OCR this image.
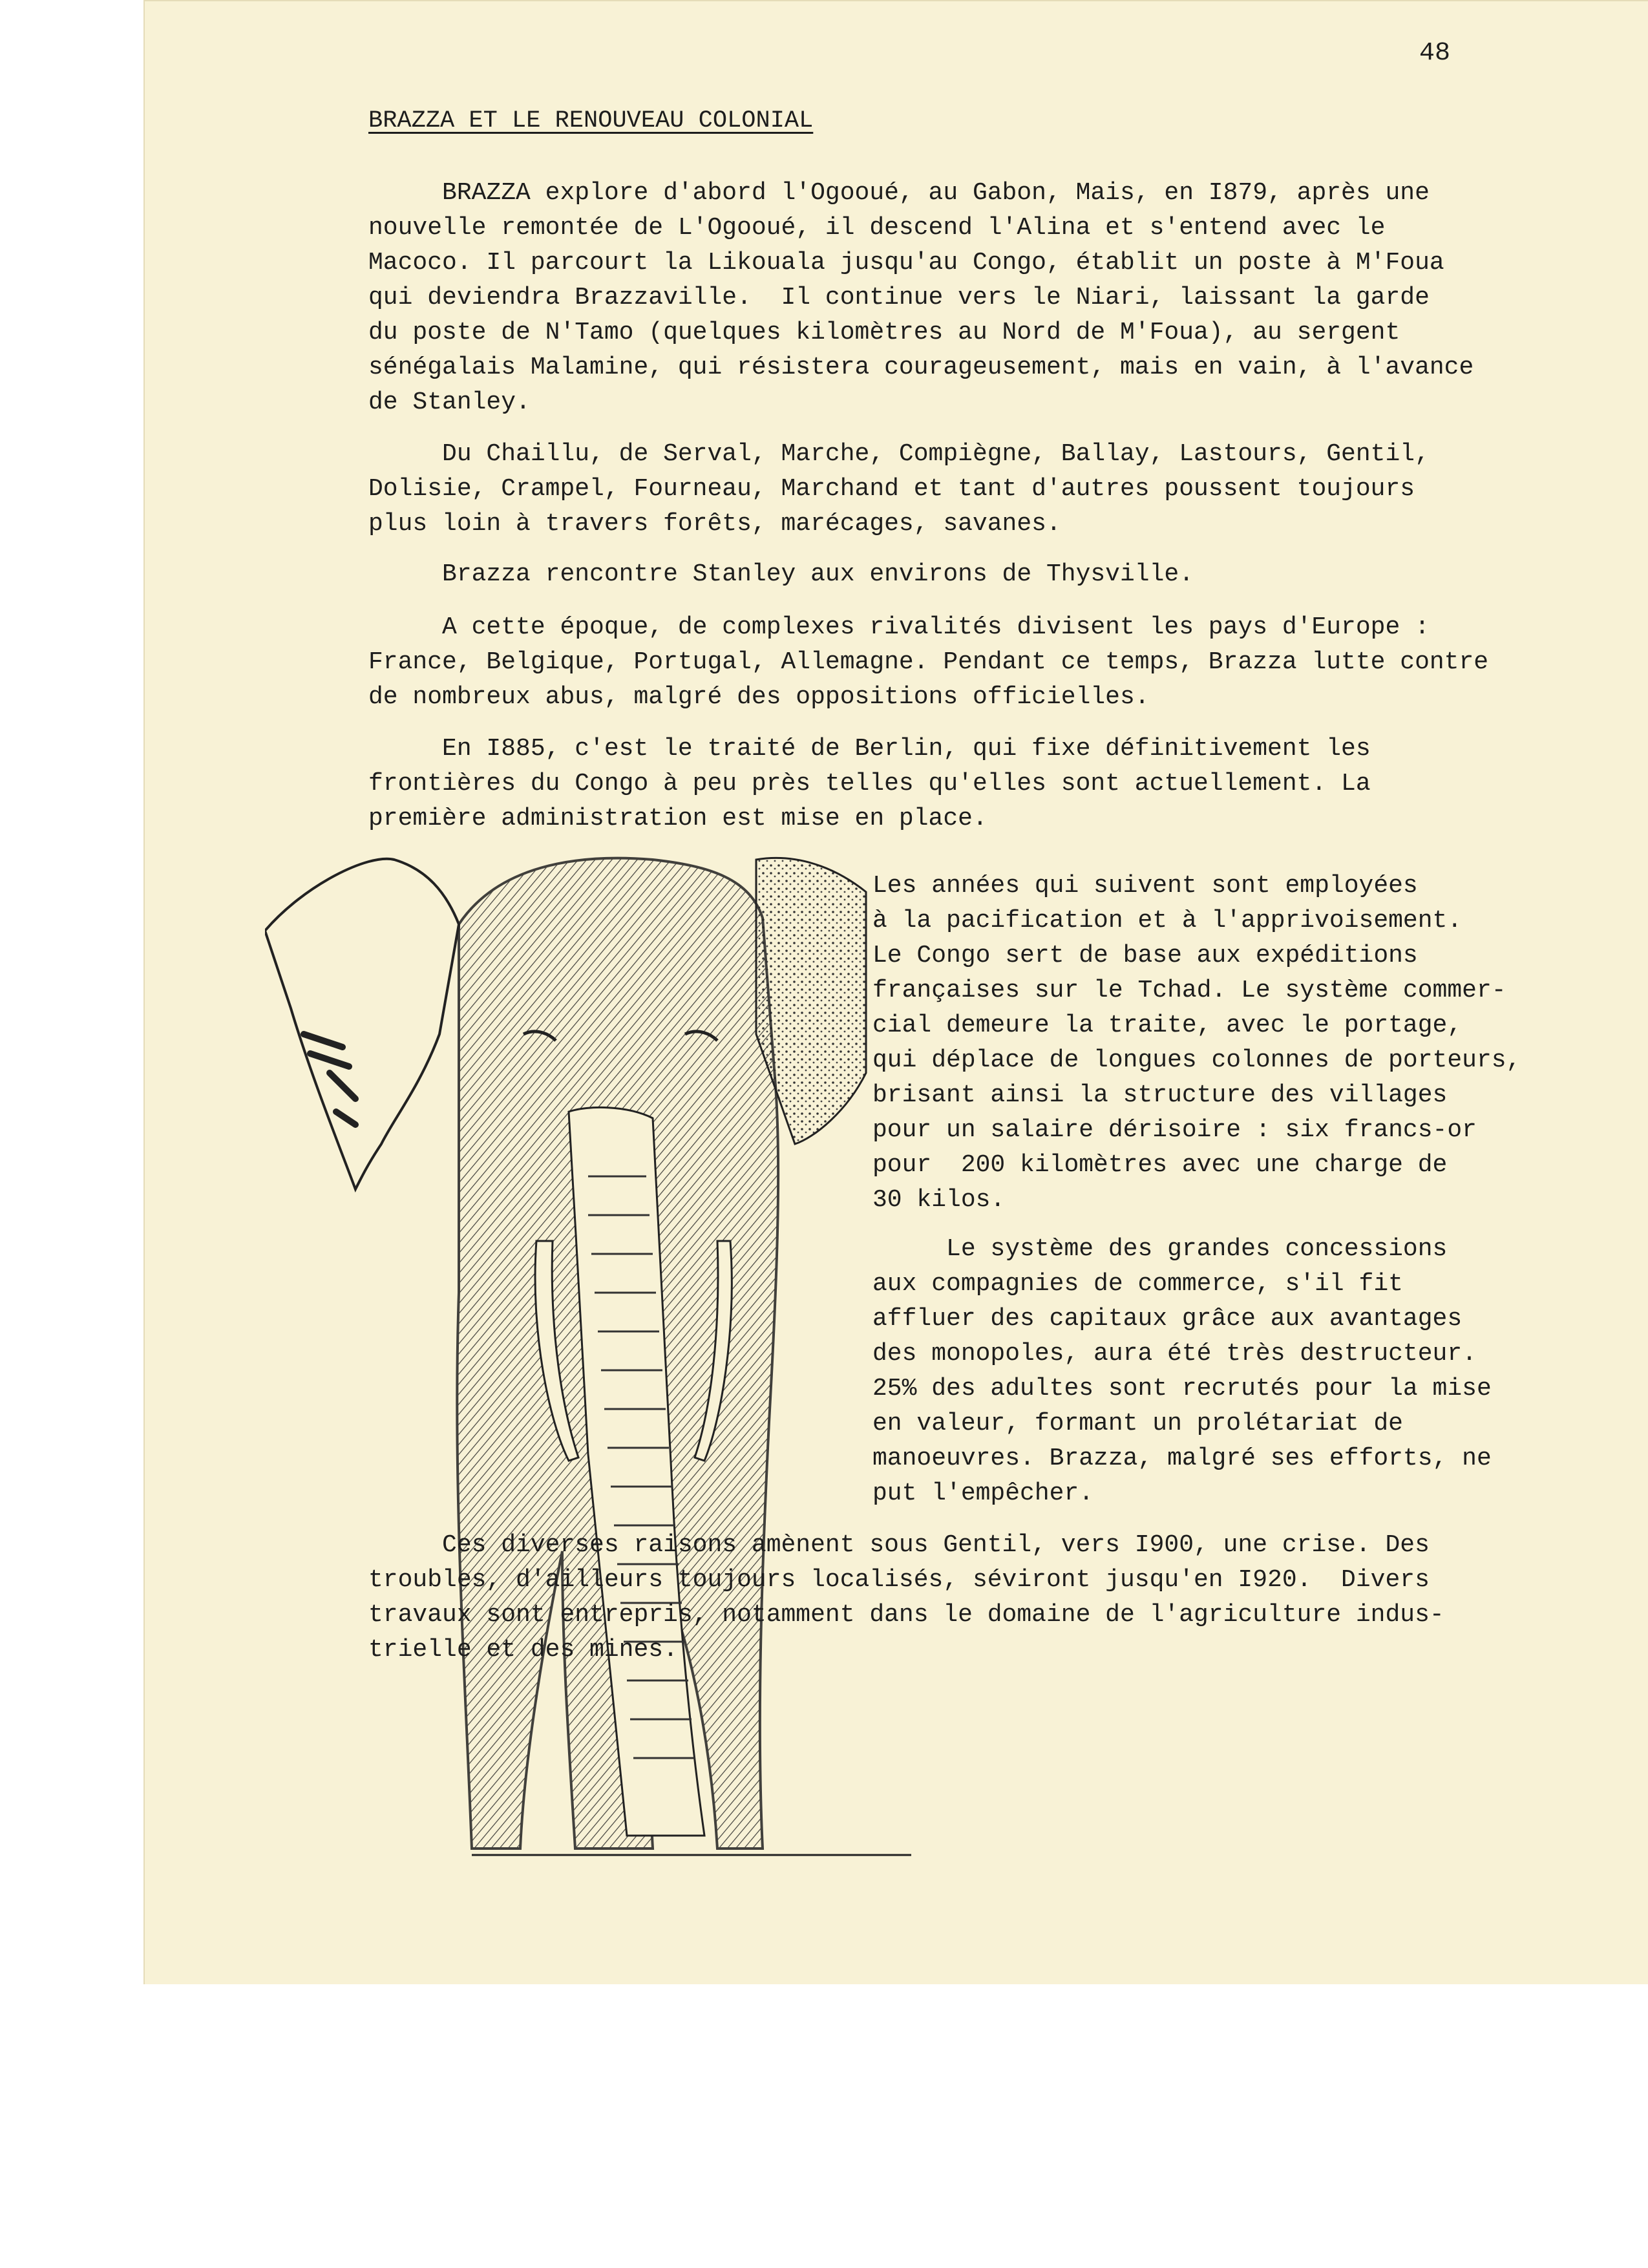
48
BRAZZA ET LE RENOUVEAU COLONIAL

BRAZZA explore d'abord l'Ogooué, au Gabon, Mais, en I879, après une
nouvelle remontée de L'Ogooué, il descend l'Alina et s'entend avec le
Macoco. Il parcourt la Likouala jusqu'au Congo, établit un poste à M'Foua
qui deviendra Brazzaville.  Il continue vers le Niari, laissant la garde
du poste de N'Tamo (quelques kilomètres au Nord de M'Foua), au sergent
sénégalais Malamine, qui résistera courageusement, mais en vain, à l'avance
de Stanley.

Du Chaillu, de Serval, Marche, Compiègne, Ballay, Lastours, Gentil,
Dolisie, Crampel, Fourneau, Marchand et tant d'autres poussent toujours
plus loin à travers forêts, marécages, savanes.

Brazza rencontre Stanley aux environs de Thysville.

A cette époque, de complexes rivalités divisent les pays d'Europe :
France, Belgique, Portugal, Allemagne. Pendant ce temps, Brazza lutte contre
de nombreux abus, malgré des oppositions officielles.

En I885, c'est le traité de Berlin, qui fixe définitivement les
frontières du Congo à peu près telles qu'elles sont actuellement. La
première administration est mise en place.

Les années qui suivent sont employées
à la pacification et à l'apprivoisement.
Le Congo sert de base aux expéditions
françaises sur le Tchad. Le système commer-
cial demeure la traite, avec le portage,
qui déplace de longues colonnes de porteurs,
brisant ainsi la structure des villages
pour un salaire dérisoire : six francs-or
pour  200 kilomètres avec une charge de
30 kilos.

Le système des grandes concessions
aux compagnies de commerce, s'il fit
affluer des capitaux grâce aux avantages
des monopoles, aura été très destructeur.
25% des adultes sont recrutés pour la mise
en valeur, formant un prolétariat de
manoeuvres. Brazza, malgré ses efforts, ne
put l'empêcher.

Ces diverses raisons amènent sous Gentil, vers I900, une crise. Des
troubles, d'ailleurs toujours localisés, séviront jusqu'en I920.  Divers
travaux sont entrepris, notamment dans le domaine de l'agriculture indus-
trielle et des mines.
